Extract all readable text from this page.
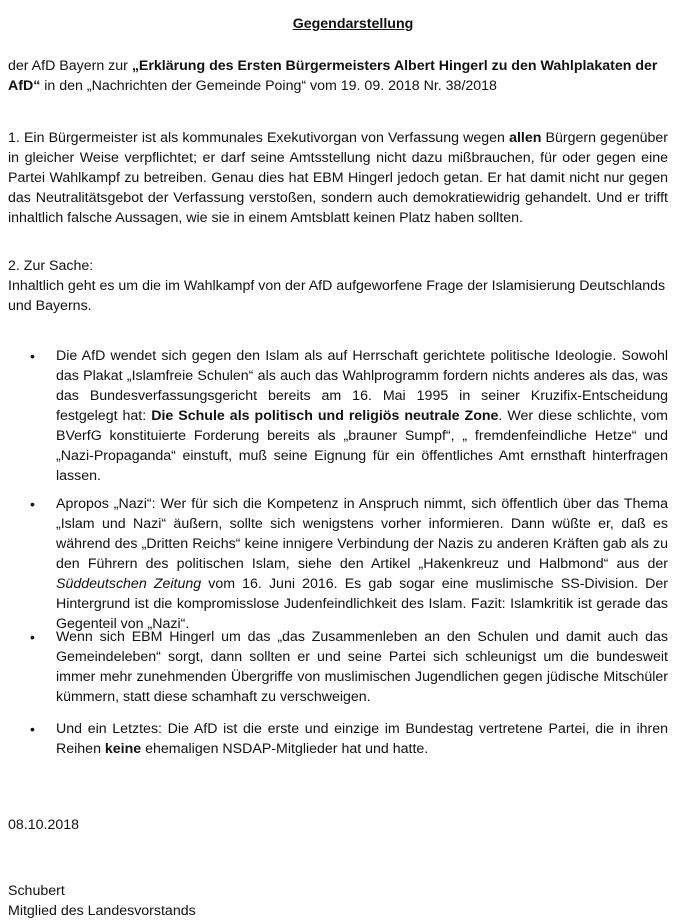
Gegendarstellung
der AfD Bayern zur „Erklärung des Ersten Bürgermeisters Albert Hingerl zu den Wahlplakaten der AfD“ in den „Nachrichten der Gemeinde Poing“ vom 19. 09. 2018 Nr. 38/2018
1. Ein Bürgermeister ist als kommunales Exekutivorgan von Verfassung wegen allen Bürgern gegenüber in gleicher Weise verpflichtet; er darf seine Amtsstellung nicht dazu mißbrauchen, für oder gegen eine Partei Wahlkampf zu betreiben. Genau dies hat EBM Hingerl jedoch getan. Er hat damit nicht nur gegen das Neutralitätsgebot der Verfassung verstoßen, sondern auch demokratiewidrig gehandelt. Und er trifft inhaltlich falsche Aussagen, wie sie in einem Amtsblatt keinen Platz haben sollten.
2. Zur Sache:
Inhaltlich geht es um die im Wahlkampf von der AfD aufgeworfene Frage der Islamisierung Deutschlands und Bayerns.
•	Die AfD wendet sich gegen den Islam als auf Herrschaft gerichtete politische Ideologie. Sowohl das Plakat „Islamfreie Schulen“ als auch das Wahlprogramm fordern nichts anderes als das, was das Bundesverfassungsgericht bereits am 16. Mai 1995 in seiner Kruzifix-Entscheidung festgelegt hat: Die Schule als politisch und religiös neutrale Zone. Wer diese schlichte, vom BVerfG konstituierte Forderung bereits als „brauner Sumpf“, „ fremdenfeindliche Hetze“ und „Nazi-Propaganda“ einstuft, muß seine Eignung für ein öffentliches Amt ernsthaft hinterfragen lassen.
•	Apropos „Nazi“: Wer für sich die Kompetenz in Anspruch nimmt, sich öffentlich über das Thema „Islam und Nazi“ äußern, sollte sich wenigstens vorher informieren. Dann wüßte er, daß es während des „Dritten Reichs“ keine innigere Verbindung der Nazis zu anderen Kräften gab als zu den Führern des politischen Islam, siehe den Artikel „Hakenkreuz und Halbmond“ aus der Süddeutschen Zeitung vom 16. Juni 2016. Es gab sogar eine muslimische SS-Division. Der Hintergrund ist die kompromisslose Judenfeindlichkeit des Islam. Fazit: Islamkritik ist gerade das Gegenteil von „Nazi“.
•	Wenn sich EBM Hingerl um das „das Zusammenleben an den Schulen und damit auch das Gemeindeleben“ sorgt, dann sollten er und seine Partei sich schleunigst um die bundesweit immer mehr zunehmenden Übergriffe von muslimischen Jugendlichen gegen jüdische Mitschüler kümmern, statt diese schamhaft zu verschweigen.
•	Und ein Letztes: Die AfD ist die erste und einzige im Bundestag vertretene Partei, die in ihren Reihen keine ehemaligen NSDAP-Mitglieder hat und hatte.
08.10.2018
Schubert
Mitglied des Landesvorstands
